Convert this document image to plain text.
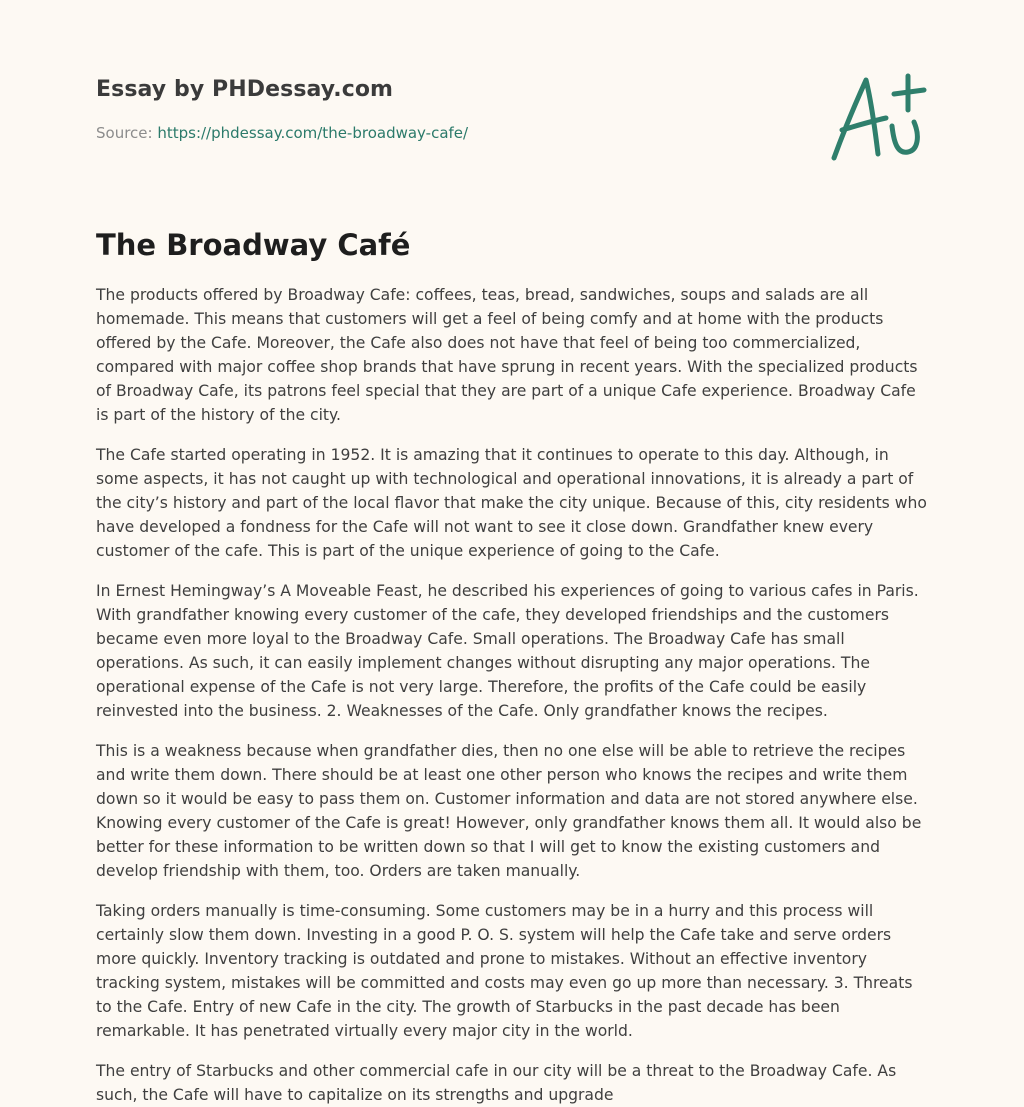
Essay by PHDessay.com

Source: https://phdessay.com/the-broadway-cafe/

The Broadway Café

The products offered by Broadway Cafe: coffees, teas, bread, sandwiches, soups and salads are all homemade. This means that customers will get a feel of being comfy and at home with the products offered by the Cafe. Moreover, the Cafe also does not have that feel of being too commercialized, compared with major coffee shop brands that have sprung in recent years. With the specialized products of Broadway Cafe, its patrons feel special that they are part of a unique Cafe experience. Broadway Cafe is part of the history of the city.

The Cafe started operating in 1952. It is amazing that it continues to operate to this day. Although, in some aspects, it has not caught up with technological and operational innovations, it is already a part of the city’s history and part of the local flavor that make the city unique. Because of this, city residents who have developed a fondness for the Cafe will not want to see it close down. Grandfather knew every customer of the cafe. This is part of the unique experience of going to the Cafe.

In Ernest Hemingway’s A Moveable Feast, he described his experiences of going to various cafes in Paris. With grandfather knowing every customer of the cafe, they developed friendships and the customers became even more loyal to the Broadway Cafe. Small operations. The Broadway Cafe has small operations. As such, it can easily implement changes without disrupting any major operations. The operational expense of the Cafe is not very large. Therefore, the profits of the Cafe could be easily reinvested into the business. 2. Weaknesses of the Cafe. Only grandfather knows the recipes.

This is a weakness because when grandfather dies, then no one else will be able to retrieve the recipes and write them down. There should be at least one other person who knows the recipes and write them down so it would be easy to pass them on. Customer information and data are not stored anywhere else. Knowing every customer of the Cafe is great! However, only grandfather knows them all. It would also be better for these information to be written down so that I will get to know the existing customers and develop friendship with them, too. Orders are taken manually.

Taking orders manually is time-consuming. Some customers may be in a hurry and this process will certainly slow them down. Investing in a good P. O. S. system will help the Cafe take and serve orders more quickly. Inventory tracking is outdated and prone to mistakes. Without an effective inventory tracking system, mistakes will be committed and costs may even go up more than necessary. 3. Threats to the Cafe. Entry of new Cafe in the city. The growth of Starbucks in the past decade has been remarkable. It has penetrated virtually every major city in the world.

The entry of Starbucks and other commercial cafe in our city will be a threat to the Broadway Cafe. As such, the Cafe will have to capitalize on its strengths and upgrade
